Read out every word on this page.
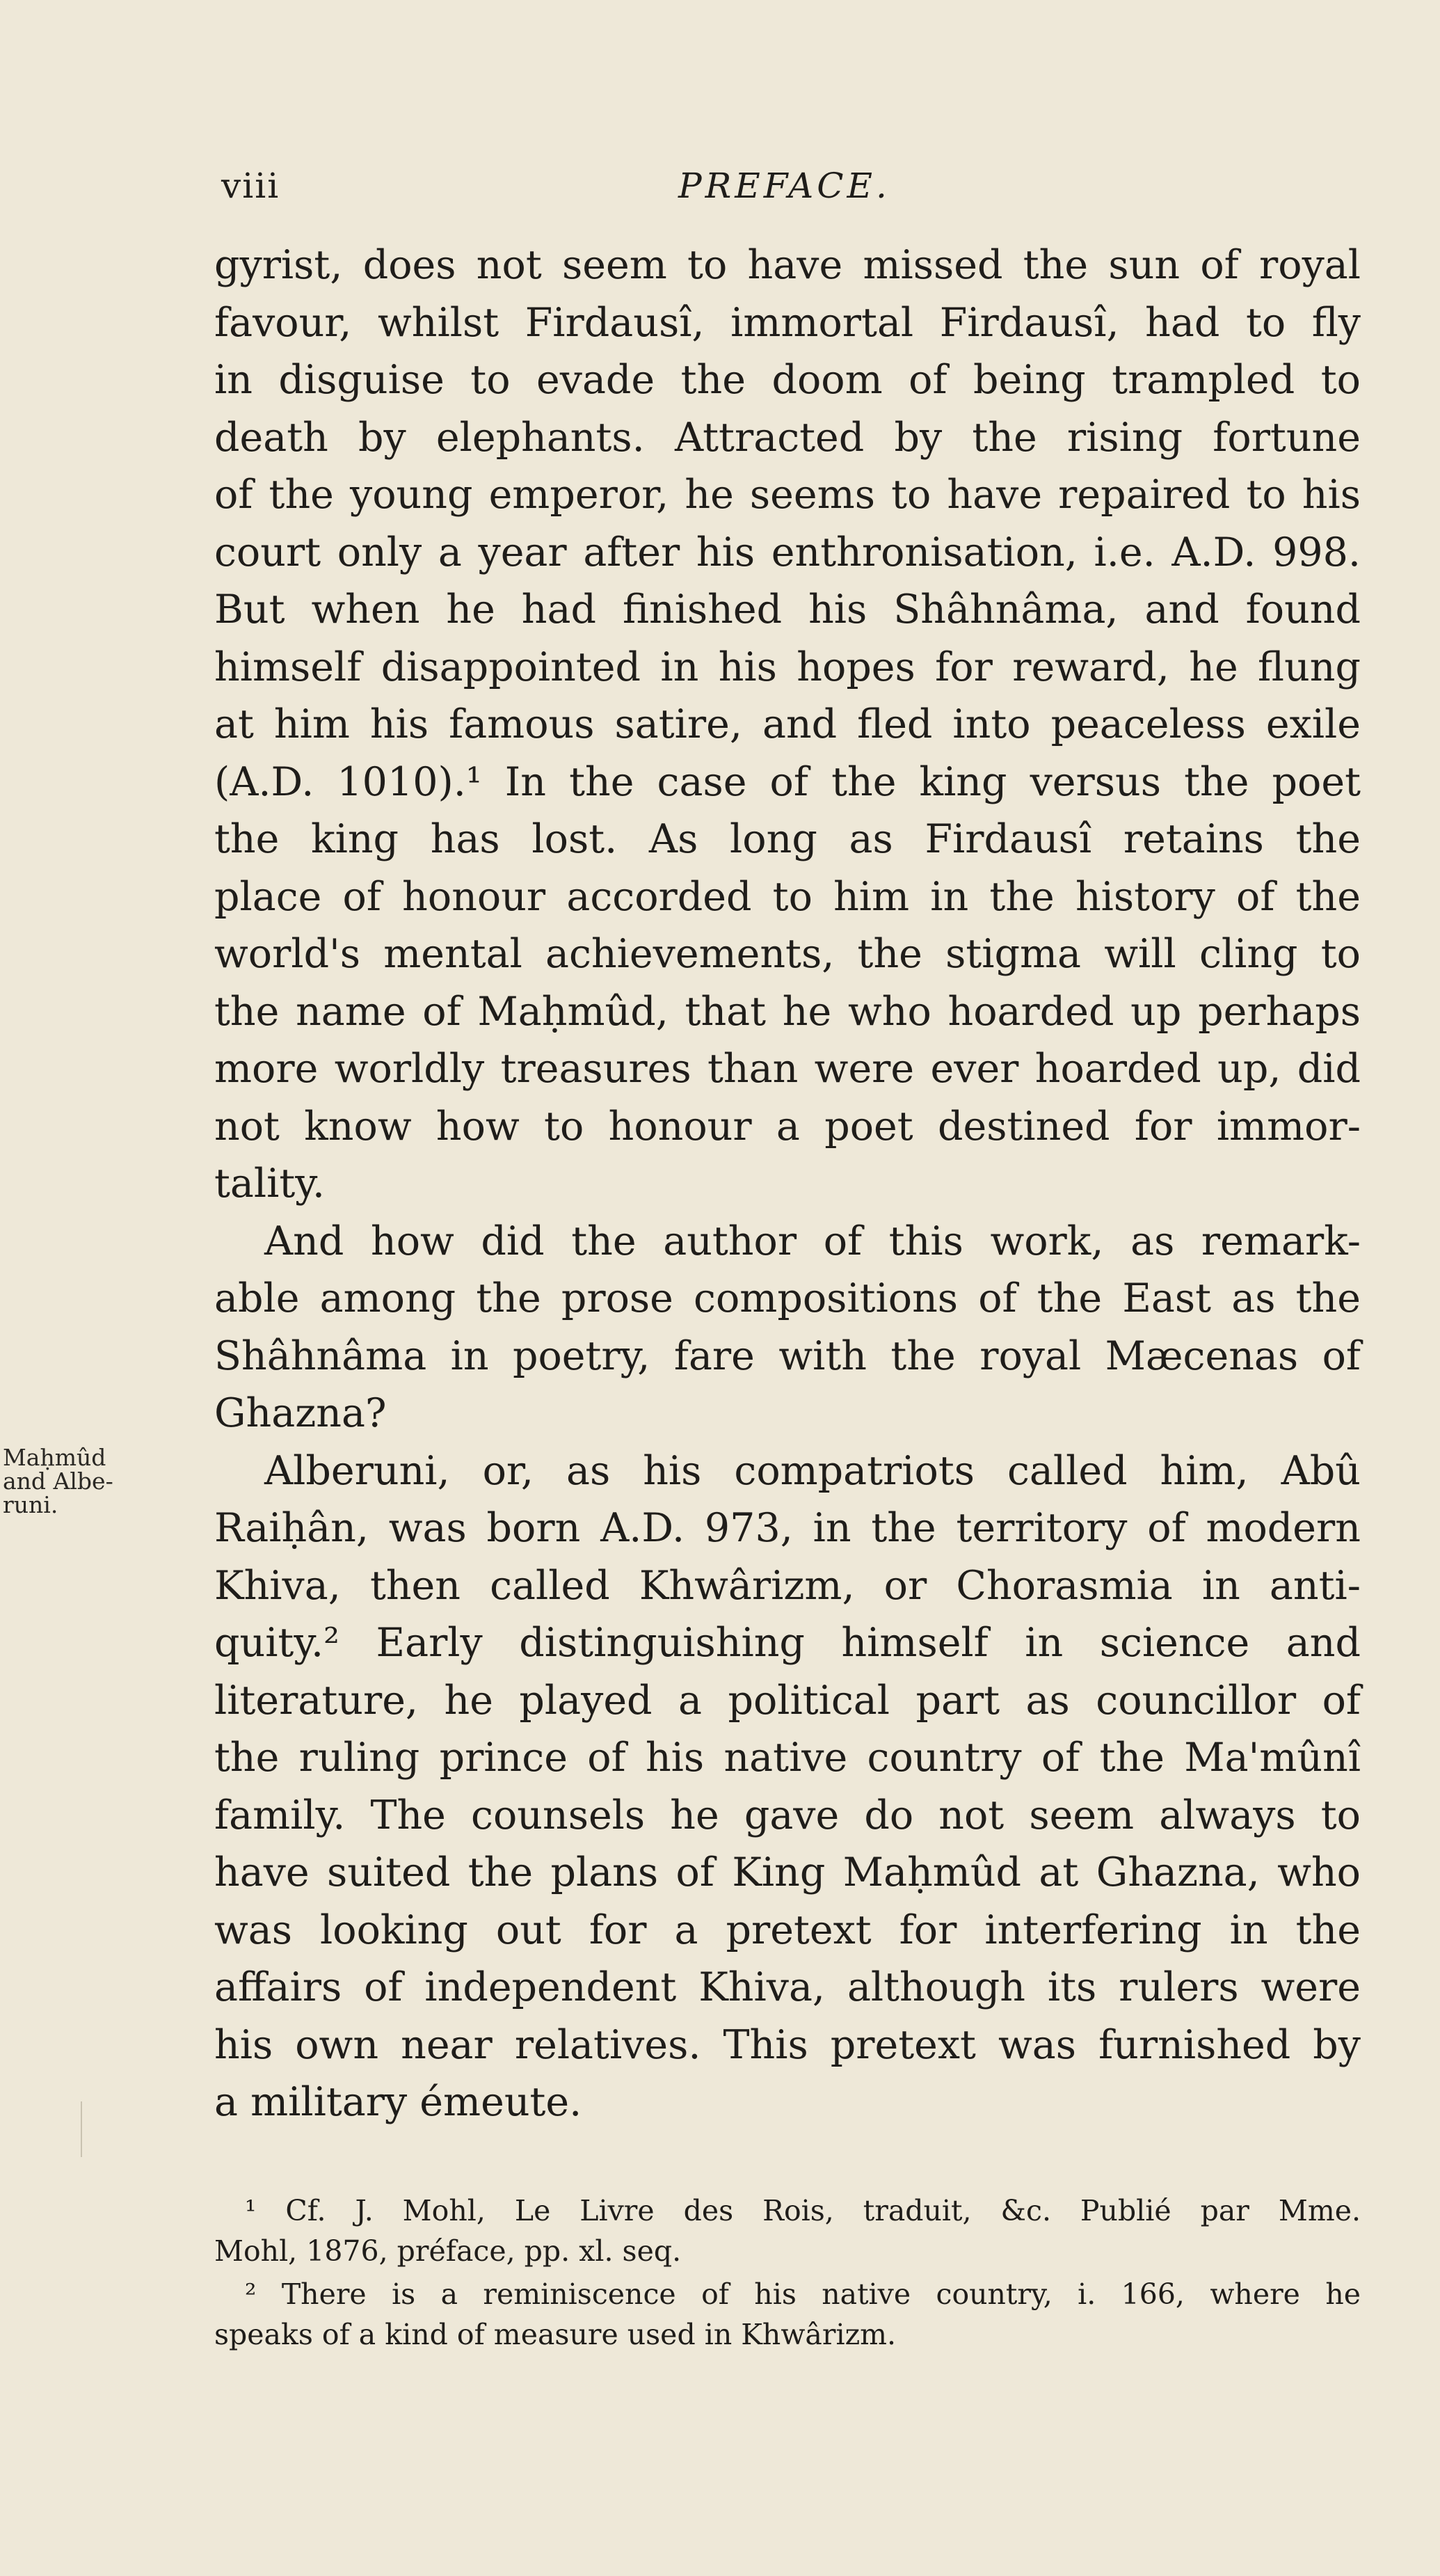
viii	PREFACE.
gyrist, does not seem to have missed the sun of royal
favour, whilst Firdausî, immortal Firdausî, had to fly
in disguise to evade the doom of being trampled to
death by elephants. Attracted by the rising fortune
of the young emperor, he seems to have repaired to his
court only a year after his enthronisation, i.e. A.D. 998.
But when he had finished his Shâhnâma, and found
himself disappointed in his hopes for reward, he flung
at him his famous satire, and fled into peaceless exile
(A.D. 1010).¹ In the case of the king versus the poet
the king has lost. As long as Firdausî retains the
place of honour accorded to him in the history of the
world's mental achievements, the stigma will cling to
the name of Maḥmûd, that he who hoarded up perhaps
more worldly treasures than were ever hoarded up, did
not know how to honour a poet destined for immor-
tality.
And how did the author of this work, as remark-
able among the prose compositions of the East as the
Shâhnâma in poetry, fare with the royal Mæcenas of
Ghazna?
Alberuni, or, as his compatriots called him, Abû
Raiḥân, was born A.D. 973, in the territory of modern
Khiva, then called Khwârizm, or Chorasmia in anti-
quity.² Early distinguishing himself in science and
literature, he played a political part as councillor of
the ruling prince of his native country of the Ma'mûnî
family. The counsels he gave do not seem always to
have suited the plans of King Maḥmûd at Ghazna, who
was looking out for a pretext for interfering in the
affairs of independent Khiva, although its rulers were
his own near relatives. This pretext was furnished by
a military émeute.
Maḥmûd
and Albe-
runi.
¹ Cf. J. Mohl, Le Livre des Rois, traduit, &c. Publié par Mme.
Mohl, 1876, préface, pp. xl. seq.
² There is a reminiscence of his native country, i. 166, where he
speaks of a kind of measure used in Khwârizm.
